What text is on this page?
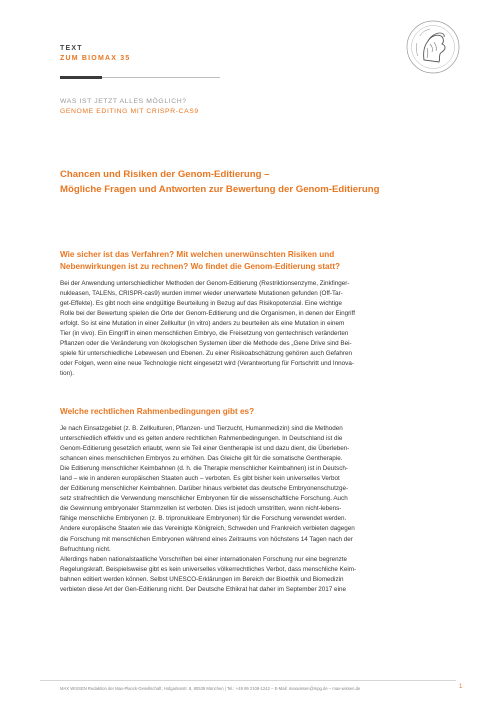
TEXT
ZUM BIOMAX 35
WAS IST JETZT ALLES MÖGLICH?
GENOME EDITING MIT CRISPR-CAS9
Chancen und Risiken der Genom-Editierung –
Mögliche Fragen und Antworten zur Bewertung der Genom-Editierung
Wie sicher ist das Verfahren? Mit welchen unerwünschten Risiken und
Nebenwirkungen ist zu rechnen? Wo findet die Genom-Editierung statt?
Bei der Anwendung unterschiedlicher Methoden der Genom-Editierung (Restriktionsenzyme, Zinkfinger-
nukleasen, TALENs, CRISPR-cas9) wurden immer wieder unerwartete Mutationen gefunden (Off-Tar-
get-Effekte). Es gibt noch eine endgültige Beurteilung in Bezug auf das Risikopotenzial. Eine wichtige
Rolle bei der Bewertung spielen die Orte der Genom-Editierung und die Organismen, in denen der Eingriff
erfolgt. So ist eine Mutation in einer Zellkultur (in vitro) anders zu beurteilen als eine Mutation in einem
Tier (in vivo). Ein Eingriff in einen menschlichen Embryo, die Freisetzung von gentechnisch veränderten
Pflanzen oder die Veränderung von ökologischen Systemen über die Methode des „Gene Drive sind Bei-
spiele für unterschiedliche Lebewesen und Ebenen. Zu einer Risikoabschätzung gehören auch Gefahren
oder Folgen, wenn eine neue Technologie nicht eingesetzt wird (Verantwortung für Fortschritt und Innova-
tion).
Welche rechtlichen Rahmenbedingungen gibt es?
Je nach Einsatzgebiet (z. B. Zellkulturen, Pflanzen- und Tierzucht, Humanmedizin) sind die Methoden
unterschiedlich effektiv und es gelten andere rechtlichen Rahmenbedingungen. In Deutschland ist die
Genom-Editierung gesetzlich erlaubt, wenn sie Teil einer Gentherapie ist und dazu dient, die Überleben-
schancen eines menschlichen Embryos zu erhöhen. Das Gleiche gilt für die somatische Gentherapie.
Die Editierung menschlicher Keimbahnen (d. h. die Therapie menschlicher Keimbahnen) ist in Deutsch-
land – wie in anderen europäischen Staaten auch – verboten. Es gibt bisher kein universelles Verbot
der Editierung menschlicher Keimbahnen. Darüber hinaus verbietet das deutsche Embryonenschutzge-
setz strafrechtlich die Verwendung menschlicher Embryonen für die wissenschaftliche Forschung. Auch
die Gewinnung embryonaler Stammzellen ist verboten. Dies ist jedoch umstritten, wenn nicht-lebens-
fähige menschliche Embryonen (z. B. tripronukleare Embryonen) für die Forschung verwendet werden.
Andere europäische Staaten wie das Vereinigte Königreich, Schweden und Frankreich verbieten dagegen
die Forschung mit menschlichen Embryonen während eines Zeitraums von höchstens 14 Tagen nach der
Befruchtung nicht.
Allerdings haben nationalstaatliche Vorschriften bei einer internationalen Forschung nur eine begrenzte
Regelungskraft. Beispielsweise gibt es kein universelles völkerrechtliches Verbot, dass menschliche Keim-
bahnen editiert werden können. Selbst UNESCO-Erklärungen im Bereich der Bioethik und Biomedizin
verbieten diese Art der Gen-Editierung nicht. Der Deutsche Ethikrat hat daher im September 2017 eine
MAX WISSEN Redaktion der Max-Planck-Gesellschaft, Hofgartenstr. 8, 80539 München | Tel.: +49 89 2108-1242 – E-Mail: maxwissen@mpg.de – max-wissen.de	1
